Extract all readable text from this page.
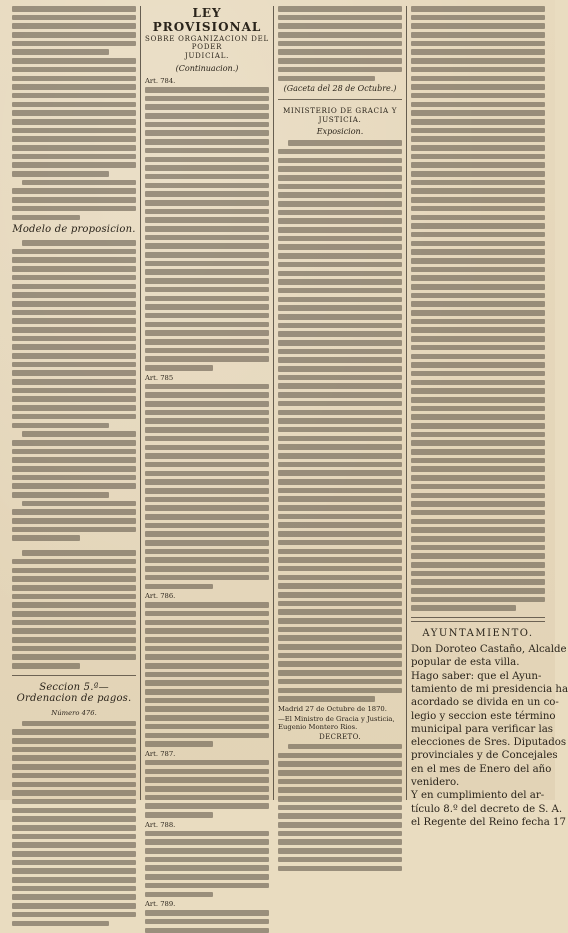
Modelo de proposicion.
Seccion 5.ª—Ordenacion de pagos.
Número 476.
LEY PROVISIONAL
SOBRE ORGANIZACION DEL PODER
JUDICIAL.
(Continuacion.)
Art. 784.
Art. 785
Art. 786.
Art. 787.
Art. 788.
Art. 789.
(Gaceta del 28 de Octubre.)
MINISTERIO DE GRACIA Y JUSTICIA.
Exposicion.
Madrid 27 de Octubre de 1870.
—El Ministro de Gracia y Justicia, Eugenio Montero Rios.
DECRETO.
AYUNTAMIENTO.

Don Doroteo Castaño, Alcalde

popular de esta villa.

Hago saber: que el Ayun-

tamiento de mi presidencia ha

acordado se divida en un co-

legio y seccion este término

municipal para verificar las

elecciones de Sres. Diputados

provinciales y de Concejales

en el mes de Enero del año

venidero.

Y en cumplimiento del ar-

tículo 8.º del decreto de S. A.

el Regente del Reino fecha 17
